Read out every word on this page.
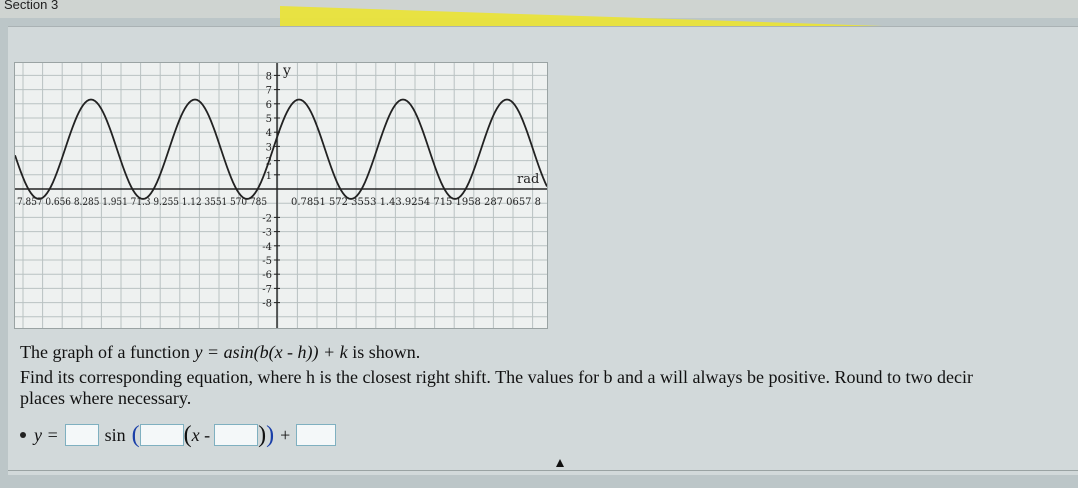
Section 3
8
7
6
5
4
3
2
1
-2
-3
-4
-5
-6
-7
-8
y
rad
7.857 0.656 8.285 1.951 71.3 9.255 1.12 3551 570 785 0.7851 572 3553 1.43.9254 715 1958 287 0657 8
The graph of a function y = asin(b(x - h)) + k is shown.
Find its corresponding equation, where h is the closest right shift. The values for b and a will always be positive. Round to two decir
places where necessary.
y =	sin ( ( x - ) ) +
